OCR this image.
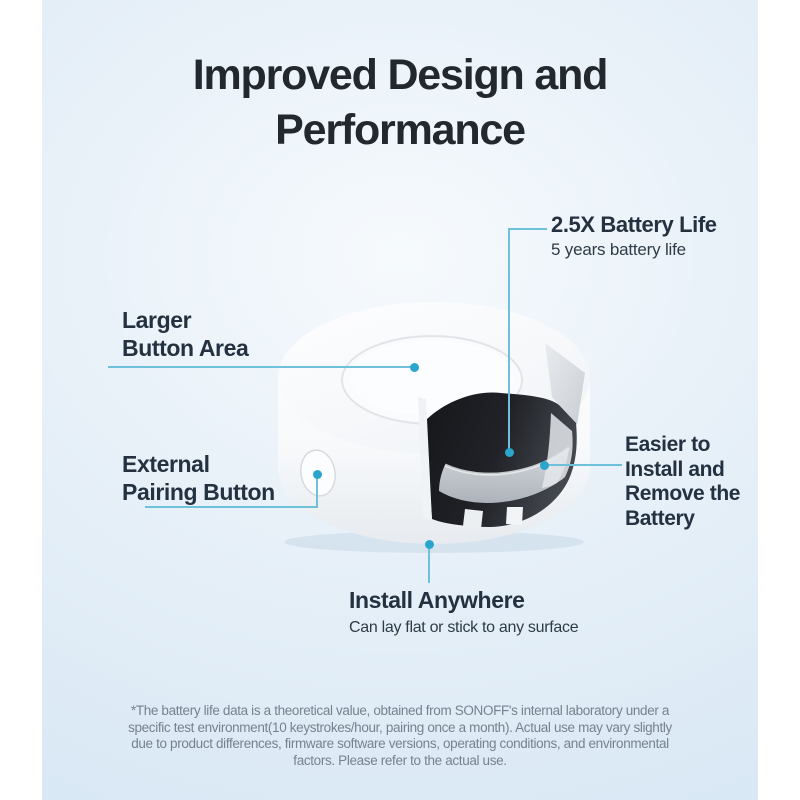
Improved Design and
Performance
Larger
Button Area
2.5X Battery Life
5 years battery life
External
Pairing Button
Easier to
Install and
Remove the
Battery
Install Anywhere
Can lay flat or stick to any surface
*The battery life data is a theoretical value, obtained from SONOFF's internal laboratory under a
specific test environment(10 keystrokes/hour, pairing once a month). Actual use may vary slightly
due to product differences, firmware software versions, operating conditions, and environmental
factors. Please refer to the actual use.
